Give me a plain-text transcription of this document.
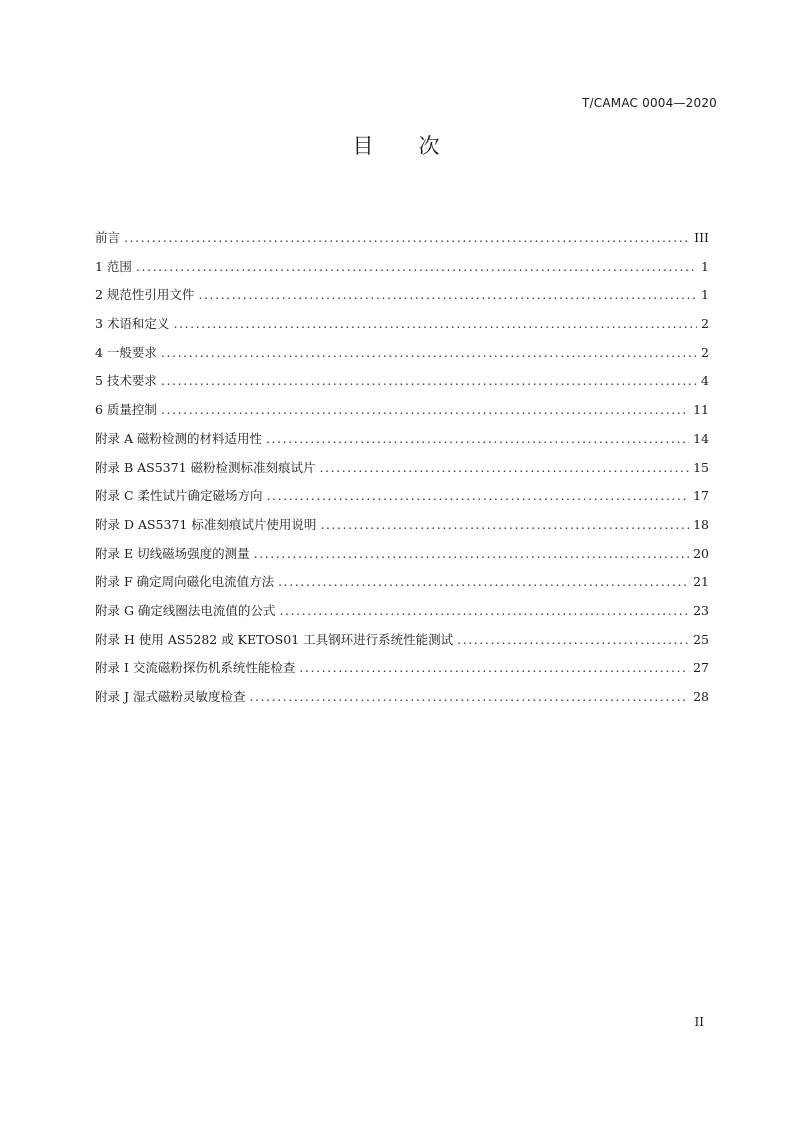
T/CAMAC 0004—2020
目　　次
前言 . . .	III
1 范围 . . .	1
2 规范性引用文件 . . .	1
3 术语和定义 . . .	2
4 一般要求 . . .	2
5 技术要求 . . .	4
6 质量控制 . . .	11
附录 A 磁粉检测的材料适用性 . . .	14
附录 B AS5371 磁粉检测标准刻痕试片 . . .	15
附录 C 柔性试片确定磁场方向 . . .	17
附录 D AS5371 标准刻痕试片使用说明 . . .	18
附录 E 切线磁场强度的测量 . . .	20
附录 F 确定周向磁化电流值方法 . . .	21
附录 G 确定线圈法电流值的公式 . . .	23
附录 H 使用 AS5282 或 KETOS01 工具钢环进行系统性能测试 . . .	25
附录 I 交流磁粉探伤机系统性能检查 . . .	27
附录 J 湿式磁粉灵敏度检查 . . .	28
II
